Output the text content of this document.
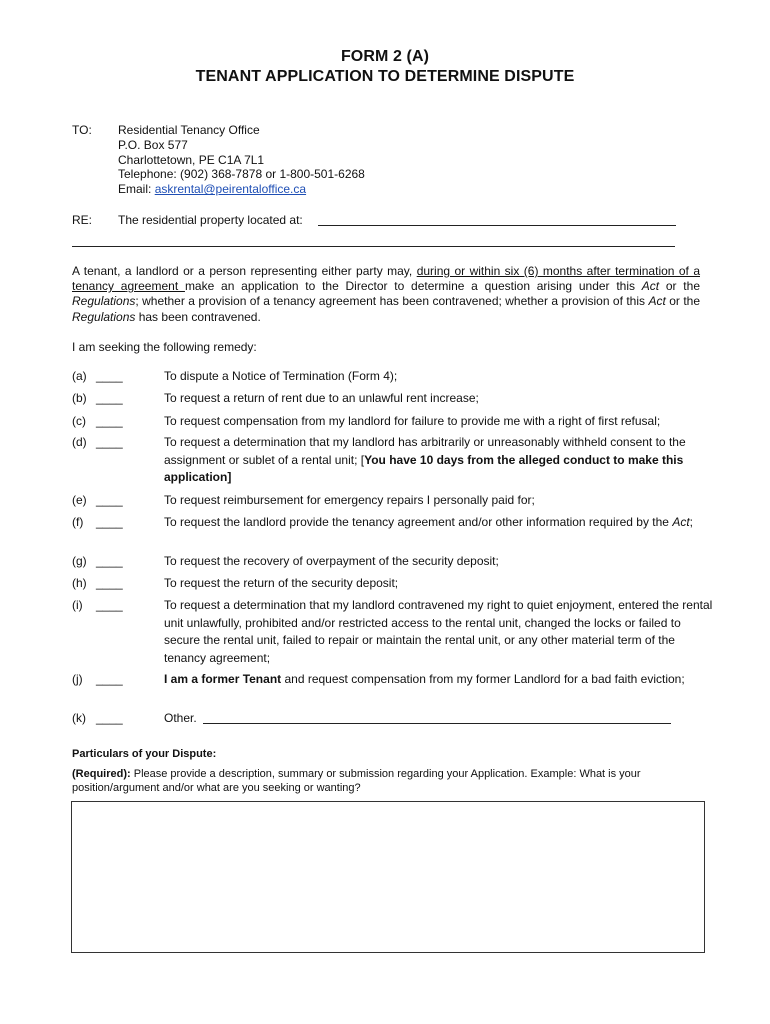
FORM 2 (A)
TENANT APPLICATION TO DETERMINE DISPUTE
TO: Residential Tenancy Office
P.O. Box 577
Charlottetown, PE C1A 7L1
Telephone: (902) 368-7878 or 1-800-501-6268
Email: askrental@peirentaloffice.ca
RE: The residential property located at:
A tenant, a landlord or a person representing either party may, during or within six (6) months after termination of a tenancy agreement make an application to the Director to determine a question arising under this Act or the Regulations; whether a provision of a tenancy agreement has been contravened; whether a provision of this Act or the Regulations has been contravened.
I am seeking the following remedy:
(a) ____	To dispute a Notice of Termination (Form 4);
(b) ____	To request a return of rent due to an unlawful rent increase;
(c) ____	To request compensation from my landlord for failure to provide me with a right of first refusal;
(d) ____	To request a determination that my landlord has arbitrarily or unreasonably withheld consent to the assignment or sublet of a rental unit; [You have 10 days from the alleged conduct to make this application]
(e) ____	To request reimbursement for emergency repairs I personally paid for;
(f) ____	To request the landlord provide the tenancy agreement and/or other information required by the Act;
(g) ____	To request the recovery of overpayment of the security deposit;
(h) ____	To request the return of the security deposit;
(i) ____	To request a determination that my landlord contravened my right to quiet enjoyment, entered the rental unit unlawfully, prohibited and/or restricted access to the rental unit, changed the locks or failed to secure the rental unit, failed to repair or maintain the rental unit, or any other material term of the tenancy agreement;
(j) ____	I am a former Tenant and request compensation from my former Landlord for a bad faith eviction;
(k) ____	Other.
Particulars of your Dispute:
(Required): Please provide a description, summary or submission regarding your Application. Example: What is your position/argument and/or what are you seeking or wanting?
